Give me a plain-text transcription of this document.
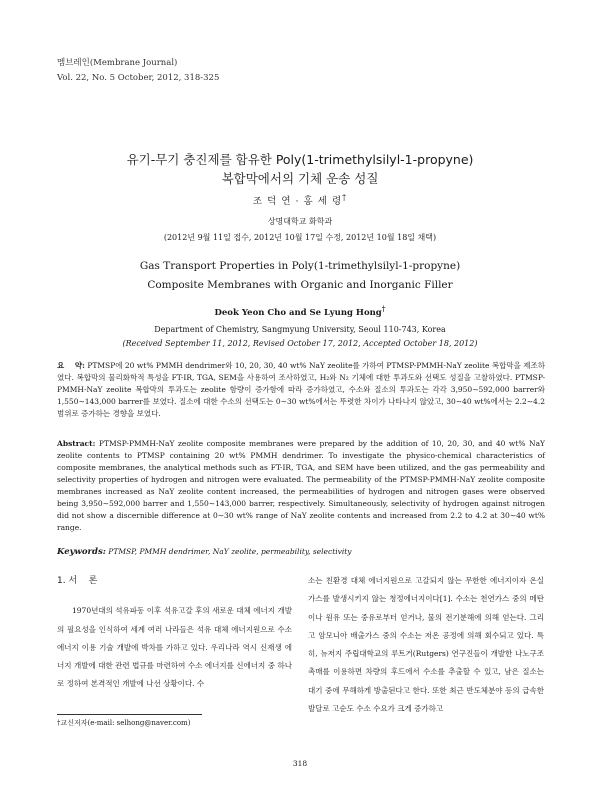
멤브레인(Membrane Journal)
Vol. 22, No. 5 October, 2012, 318-325
유기-무기 충진제를 함유한 Poly(1-trimethylsilyl-1-propyne)
복합막에서의 기체 운송 성질
조 덕 연 · 홍 세 령†
상명대학교 화학과
(2012년 9월 11일 접수, 2012년 10월 17일 수정, 2012년 10월 18일 채택)
Gas Transport Properties in Poly(1-trimethylsilyl-1-propyne)
Composite Membranes with Organic and Inorganic Filler
Deok Yeon Cho and Se Lyung Hong†
Department of Chemistry, Sangmyung University, Seoul 110-743, Korea
(Received September 11, 2012, Revised October 17, 2012, Accepted October 18, 2012)
요    약: PTMSP에 20 wt% PMMH dendrimer와 10, 20, 30, 40 wt% NaY zeolite를 가하여 PTMSP-PMMH-NaY zeolite 복합막을 제조하였다. 복합막의 물리화학적 특성을 FT-IR, TGA, SEM을 사용하여 조사하였고, H₂와 N₂ 기체에 대한 투과도와 선택도 성질을 고찰하였다. PTMSP-PMMH-NaY zeolite 복합막의 투과도는 zeolite 함량이 증가함에 따라 증가하였고, 수소와 질소의 투과도는 각각 3,950∼592,000 barrer와 1,550∼143,000 barrer를 보였다. 질소에 대한 수소의 선택도는 0∼30 wt%에서는 뚜렷한 차이가 나타나지 않았고, 30∼40 wt%에서는 2.2∼4.2 범위로 증가하는 경향을 보였다.
Abstract: PTMSP-PMMH-NaY zeolite composite membranes were prepared by the addition of 10, 20, 30, and 40 wt% NaY zeolite contents to PTMSP containing 20 wt% PMMH dendrimer. To investigate the physico-chemical characteristics of composite membranes, the analytical methods such as FT-IR, TGA, and SEM have been utilized, and the gas permeability and selectivity properties of hydrogen and nitrogen were evaluated. The permeability of the PTMSP-PMMH-NaY zeolite composite membranes increased as NaY zeolite content increased, the permeabilities of hydrogen and nitrogen gases were observed being 3,950∼592,000 barrer and 1,550∼143,000 barrer, respectively. Simultaneously, selectivity of hydrogen against nitrogen did not show a discernible difference at 0∼30 wt% range of NaY zeolite contents and increased from 2.2 to 4.2 at 30∼40 wt% range.
Keywords: PTMSP, PMMH dendrimer, NaY zeolite, permeability, selectivity
1. 서    론
1970년대의 석유파동 이후 석유고갈 후의 새로운 대체 에너지 개발의 필요성을 인식하여 세계 여러 나라들은 석유 대체 에너지원으로 수소에너지 이용 기술 개발에 박차를 가하고 있다. 우리나라 역시 신재생 에너지 개발에 대한 관련 법규를 마련하여 수소 에너지를 신에너지 중 하나로 정하여 본격적인 개발에 나선 상황이다. 수
소는 친환경 대체 에너지원으로 고갈되지 않는 무한한 에너지이자 온실가스를 발생시키지 않는 청정에너지이다[1]. 수소는 천연가스 중의 메탄이나 원유 또는 중유로부터 얻거나, 물의 전기분해에 의해 얻는다. 그리고 암모니아 배출가스 중의 수소는 저온 공정에 의해 회수되고 있다. 특히, 뉴저지 주립대학교의 루트거(Rutgers) 연구진들이 개발한 나노구조 촉매를 이용하면 차량의 후드에서 수소를 추출할 수 있고, 남은 질소는 대기 중에 무해하게 방출된다고 한다. 또한 최근 반도체분야 등의 급속한 발달로 고순도 수소 수요가 크게 증가하고
†교신저자(e-mail: selhong@naver.com)
318
